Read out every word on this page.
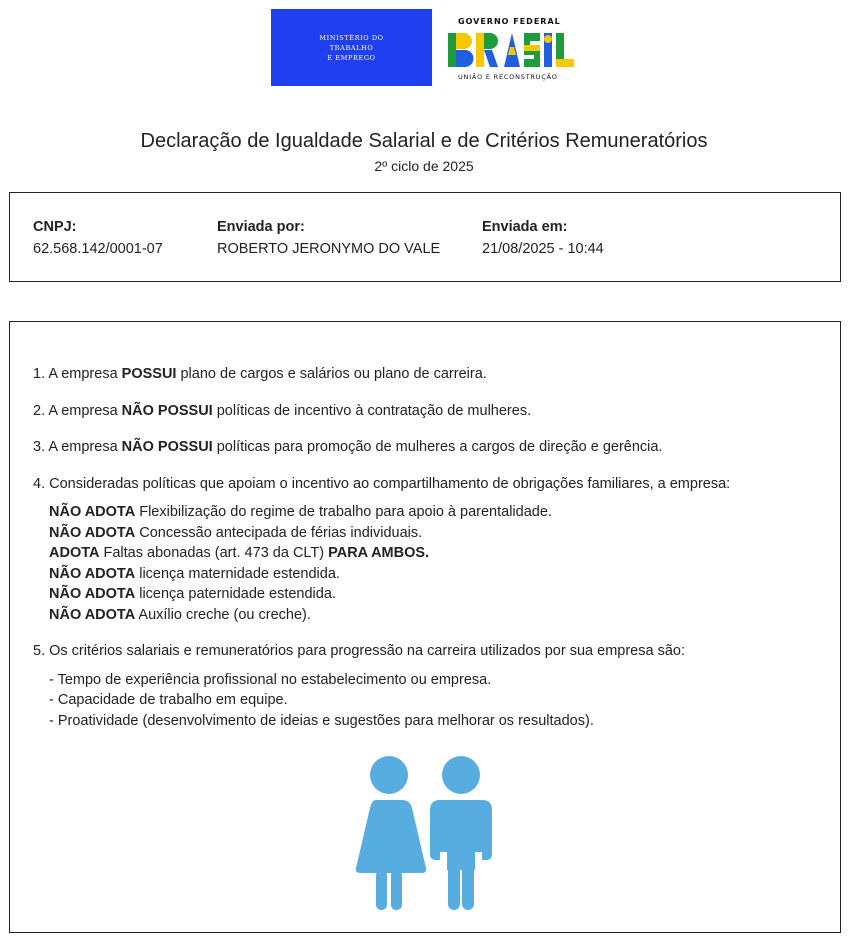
MINISTÉRIO DO
TRABALHO
E EMPREGO
GOVERNO FEDERAL
UNIÃO E RECONSTRUÇÃO
Declaração de Igualdade Salarial e de Critérios Remuneratórios
2º ciclo de 2025
CNPJ:
62.568.142/0001-07
Enviada por:
ROBERTO JERONYMO DO VALE
Enviada em:
21/08/2025 - 10:44

1. A empresa POSSUI plano de cargos e salários ou plano de carreira.

2. A empresa NÃO POSSUI políticas de incentivo à contratação de mulheres.

3. A empresa NÃO POSSUI políticas para promoção de mulheres a cargos de direção e gerência.

4. Consideradas políticas que apoiam o incentivo ao compartilhamento de obrigações familiares, a empresa:
NÃO ADOTA Flexibilização do regime de trabalho para apoio à parentalidade.
NÃO ADOTA Concessão antecipada de férias individuais.
ADOTA Faltas abonadas (art. 473 da CLT) PARA AMBOS.
NÃO ADOTA licença maternidade estendida.
NÃO ADOTA licença paternidade estendida.
NÃO ADOTA Auxílio creche (ou creche).
5. Os critérios salariais e remuneratórios para progressão na carreira utilizados por sua empresa são:
- Tempo de experiência profissional no estabelecimento ou empresa.
- Capacidade de trabalho em equipe.
- Proatividade (desenvolvimento de ideias e sugestões para melhorar os resultados).
